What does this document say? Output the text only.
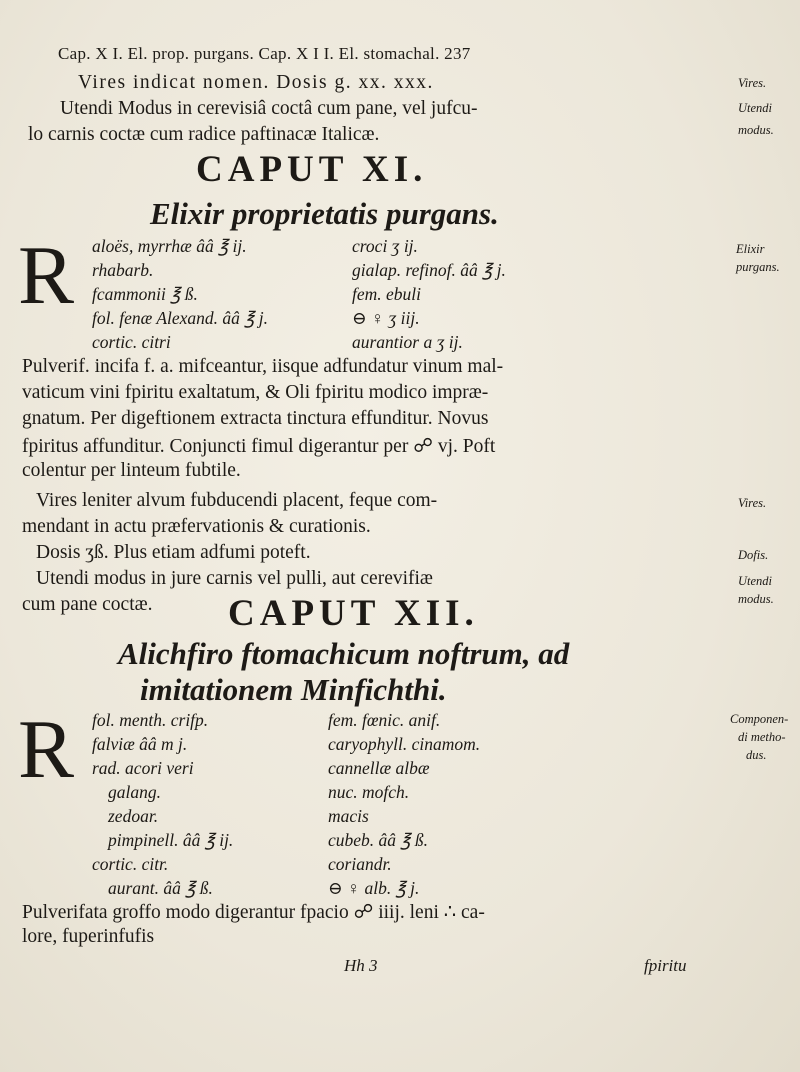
Cap. X I. El. prop. purgans. Cap. X I I. El. stomachal. 237
Vires indicat nomen. Dosis g. xx. xxx.
Utendi Modus in cerevisiâ coctâ cum pane, vel jufcu-
lo carnis coctæ cum radice paftinacæ Italicæ.
Vires.
Utendi
modus.
CAPUT XI.
Elixir proprietatis purgans.
R aloës, myrrhæ ââ ℥ ij.
rhabarb.
fcammonii ℥ ß.
fol. fenæ Alexand. ââ ℥ j.
cortic. citri
croci ʒ ij.
gialap. refinof. ââ ℥ j.
fem. ebuli
⊖ ♀ ʒ iij.
aurantior a ʒ ij.
Elixir
purgans.
Pulverif. incifa f. a. mifceantur, iisque adfundatur vinum mal-
vaticum vini fpiritu exaltatum, & Oli fpiritu modico impræ-
gnatum. Per digeftionem extracta tinctura effunditur. Novus
fpiritus affunditur. Conjuncti fimul digerantur per ☍ vj. Poft
colentur per linteum fubtile.
Vires leniter alvum fubducendi placent, feque com-
mendant in actu præfervationis & curationis.
Dosis ʒß. Plus etiam adfumi poteft.
Utendi modus in jure carnis vel pulli, aut cerevifiæ
cum pane coctæ.
Vires.
Dofis.
Utendi
modus.
CAPUT XII.
Alichfiro ftomachicum noftrum, ad
imitationem Minfichthi.
R fol. menth. crifp.
falviæ ââ m j.
rad. acori veri
galang.
zedoar.
pimpinell. ââ ℥ ij.
cortic. citr.
aurant. ââ ℥ ß.
fem. fœnic. anif.
caryophyll. cinamom.
cannellæ albæ
nuc. mofch.
macis
cubeb. ââ ℥ ß.
coriandr.
⊖ ♀ alb. ℥ j.
Componen-
di metho-
dus.
Pulverifata groffo modo digerantur fpacio ☍ iiij. leni ∴ ca-
lore, fuperinfufis
Hh 3	fpiritu
